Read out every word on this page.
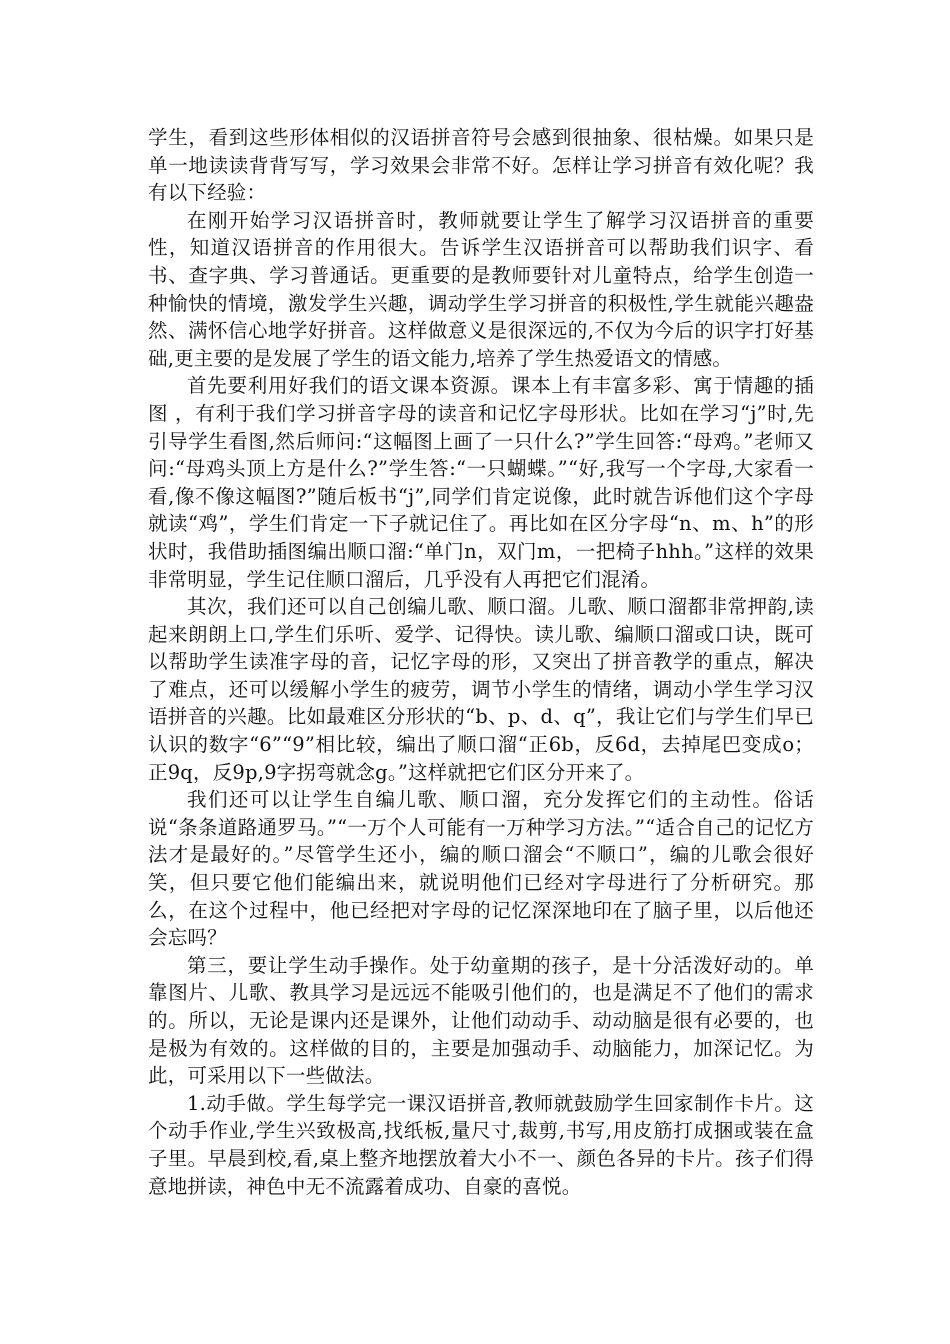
学生，看到这些形体相似的汉语拼音符号会感到很抽象、很枯燥。如果只是单一地读读背背写写，学习效果会非常不好。怎样让学习拼音有效化呢？我有以下经验：

在刚开始学习汉语拼音时，教师就要让学生了解学习汉语拼音的重要性，知道汉语拼音的作用很大。告诉学生汉语拼音可以帮助我们识字、看书、查字典、学习普通话。更重要的是教师要针对儿童特点，给学生创造一种愉快的情境，激发学生兴趣，调动学生学习拼音的积极性,学生就能兴趣盎然、满怀信心地学好拼音。这样做意义是很深远的,不仅为今后的识字打好基础,更主要的是发展了学生的语文能力,培养了学生热爱语文的情感。

首先要利用好我们的语文课本资源。课本上有丰富多彩、寓于情趣的插图 ，有利于我们学习拼音字母的读音和记忆字母形状。比如在学习“j”时,先引导学生看图,然后师问:“这幅图上画了一只什么?”学生回答:“母鸡。”老师又问:“母鸡头顶上方是什么?”学生答:“一只蝴蝶。”“好,我写一个字母,大家看一看,像不像这幅图?”随后板书“j”,同学们肯定说像，此时就告诉他们这个字母就读“鸡”，学生们肯定一下子就记住了。再比如在区分字母“n、m、h”的形状时，我借助插图编出顺口溜:“单门n，双门m，一把椅子hhh。”这样的效果非常明显，学生记住顺口溜后，几乎没有人再把它们混淆。

其次，我们还可以自己创编儿歌、顺口溜。儿歌、顺口溜都非常押韵,读起来朗朗上口,学生们乐听、爱学、记得快。读儿歌、编顺口溜或口诀，既可以帮助学生读准字母的音，记忆字母的形，又突出了拼音教学的重点，解决了难点，还可以缓解小学生的疲劳，调节小学生的情绪，调动小学生学习汉语拼音的兴趣。比如最难区分形状的“b、p、d、q”，我让它们与学生们早已认识的数字“6”“9”相比较，编出了顺口溜“正6b，反6d，去掉尾巴变成o；正9q，反9p,9字拐弯就念g。”这样就把它们区分开来了。

我们还可以让学生自编儿歌、顺口溜，充分发挥它们的主动性。俗话说“条条道路通罗马。”“一万个人可能有一万种学习方法。”“适合自己的记忆方法才是最好的。”尽管学生还小，编的顺口溜会“不顺口”，编的儿歌会很好笑，但只要它他们能编出来，就说明他们已经对字母进行了分析研究。那么，在这个过程中，他已经把对字母的记忆深深地印在了脑子里，以后他还会忘吗？

第三，要让学生动手操作。处于幼童期的孩子，是十分活泼好动的。单靠图片、儿歌、教具学习是远远不能吸引他们的，也是满足不了他们的需求的。所以，无论是课内还是课外，让他们动动手、动动脑是很有必要的，也是极为有效的。这样做的目的，主要是加强动手、动脑能力，加深记忆。为此，可采用以下一些做法。

1.动手做。学生每学完一课汉语拼音,教师就鼓励学生回家制作卡片。这个动手作业,学生兴致极高,找纸板,量尺寸,裁剪,书写,用皮筋打成捆或装在盒子里。早晨到校,看,桌上整齐地摆放着大小不一、颜色各异的卡片。孩子们得意地拼读，神色中无不流露着成功、自豪的喜悦。
